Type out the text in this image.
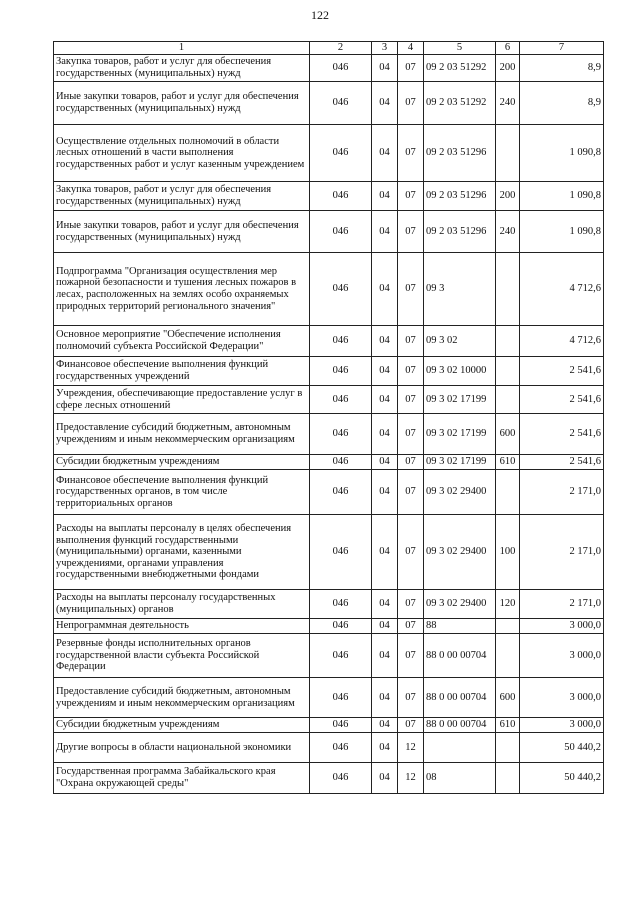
122
1	2	3	4	5	6	7
Закупка товаров, работ и услуг для обеспечения государственных (муниципальных) нужд	046	04	07	09 2 03 51292	200	8,9
Иные закупки товаров, работ и услуг для обеспечения государственных (муниципальных) нужд	046	04	07	09 2 03 51292	240	8,9
Осуществление отдельных полномочий в области лесных отношений в части выполнения государственных работ и услуг казенным учреждением	046	04	07	09 2 03 51296		1 090,8
Закупка товаров, работ и услуг для обеспечения государственных (муниципальных) нужд	046	04	07	09 2 03 51296	200	1 090,8
Иные закупки товаров, работ и услуг для обеспечения государственных (муниципальных) нужд	046	04	07	09 2 03 51296	240	1 090,8
Подпрограмма "Организация осуществления мер пожарной безопасности и тушения лесных пожаров в лесах, расположенных на землях особо охраняемых природных территорий регионального значения"	046	04	07	09 3		4 712,6
Основное мероприятие "Обеспечение исполнения полномочий субъекта Российской Федерации"	046	04	07	09 3 02		4 712,6
Финансовое обеспечение выполнения функций государственных учреждений	046	04	07	09 3 02 10000		2 541,6
Учреждения, обеспечивающие предоставление услуг в сфере лесных отношений	046	04	07	09 3 02 17199		2 541,6
Предоставление субсидий бюджетным, автономным учреждениям и иным некоммерческим организациям	046	04	07	09 3 02 17199	600	2 541,6
Субсидии бюджетным учреждениям	046	04	07	09 3 02 17199	610	2 541,6
Финансовое обеспечение выполнения функций государственных органов, в том числе территориальных органов	046	04	07	09 3 02 29400		2 171,0
Расходы на выплаты персоналу в целях обеспечения выполнения функций государственными (муниципальными) органами, казенными учреждениями, органами управления государственными внебюджетными фондами	046	04	07	09 3 02 29400	100	2 171,0
Расходы на выплаты персоналу государственных (муниципальных) органов	046	04	07	09 3 02 29400	120	2 171,0
Непрограммная деятельность	046	04	07	88		3 000,0
Резервные фонды исполнительных органов государственной власти субъекта Российской Федерации	046	04	07	88 0 00 00704		3 000,0
Предоставление субсидий бюджетным, автономным учреждениям и иным некоммерческим организациям	046	04	07	88 0 00 00704	600	3 000,0
Субсидии бюджетным учреждениям	046	04	07	88 0 00 00704	610	3 000,0
Другие вопросы в области национальной экономики	046	04	12			50 440,2
Государственная программа Забайкальского края "Охрана окружающей среды"	046	04	12	08		50 440,2
